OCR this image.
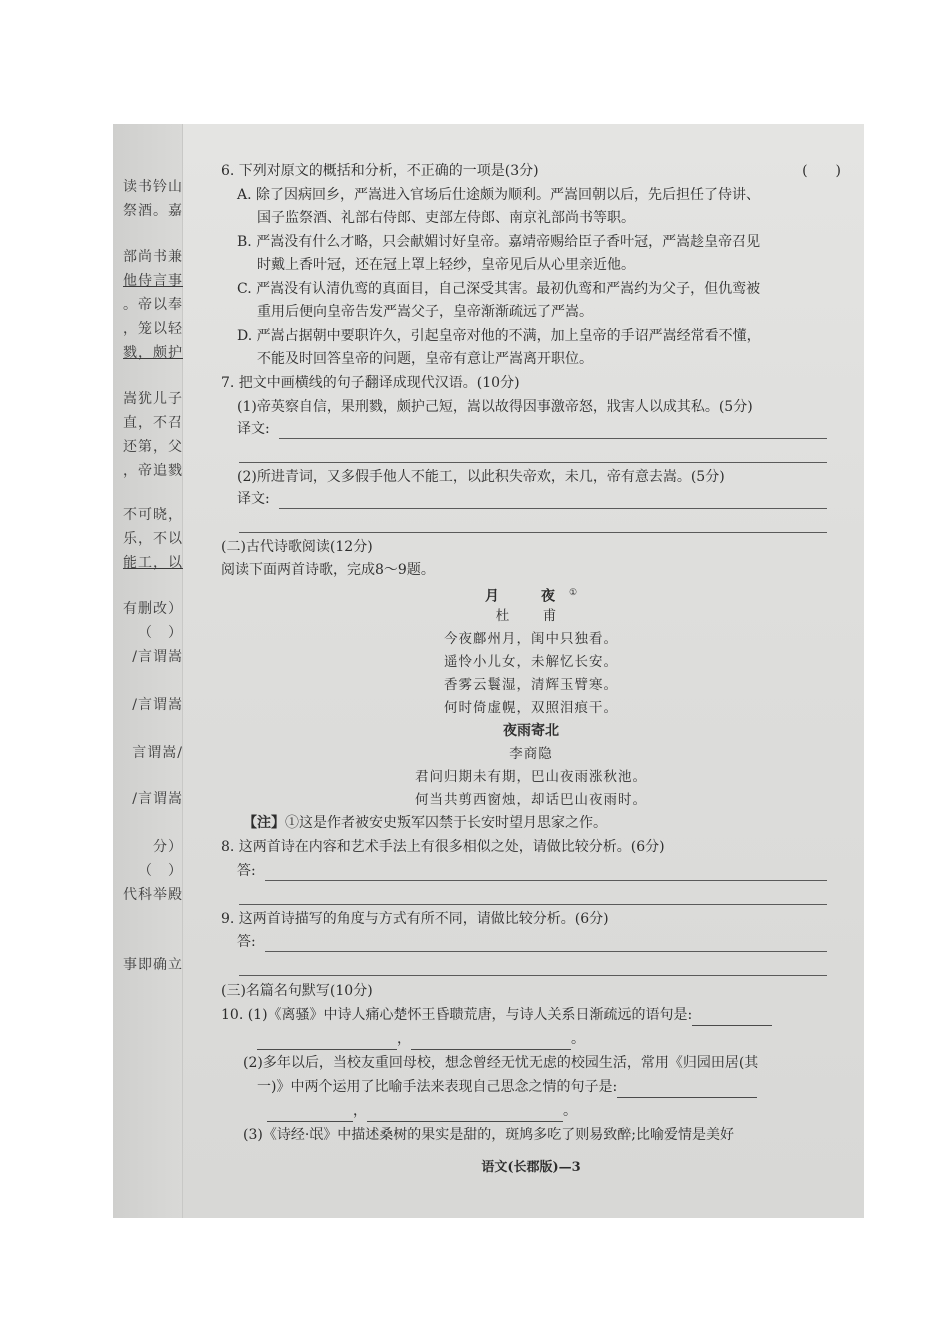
读书钤山
祭酒。嘉
部尚书兼
他侍言事
。帝以奉
，笼以轻
戮，颇护
嵩犹儿子
直，不召
还第，父
，帝追戮
不可晓，
乐，不以
能工，以
有删改）
（　）
/言谓嵩
/言谓嵩
言谓嵩/
/言谓嵩
分）
（　）
代科举殿
事即确立
6. 下列对原文的概括和分析，不正确的一项是(3分)	(　　)
A. 除了因病回乡，严嵩进入官场后仕途颇为顺利。严嵩回朝以后，先后担任了侍讲、
国子监祭酒、礼部右侍郎、吏部左侍郎、南京礼部尚书等职。
B. 严嵩没有什么才略，只会献媚讨好皇帝。嘉靖帝赐给臣子香叶冠，严嵩趁皇帝召见
时戴上香叶冠，还在冠上罩上轻纱，皇帝见后从心里亲近他。
C. 严嵩没有认清仇鸾的真面目，自己深受其害。最初仇鸾和严嵩约为父子，但仇鸾被
重用后便向皇帝告发严嵩父子，皇帝渐渐疏远了严嵩。
D. 严嵩占据朝中要职许久，引起皇帝对他的不满，加上皇帝的手诏严嵩经常看不懂，
不能及时回答皇帝的问题，皇帝有意让严嵩离开职位。
7. 把文中画横线的句子翻译成现代汉语。(10分)
(1)帝英察自信，果刑戮，颇护己短，嵩以故得因事激帝怒，戕害人以成其私。(5分)
译文:
(2)所进青词，又多假手他人不能工，以此积失帝欢，未几，帝有意去嵩。(5分)
译文:
(二)古代诗歌阅读(12分)
阅读下面两首诗歌，完成8～9题。
月　夜①
杜　甫
今夜鄜州月，闺中只独看。
遥怜小儿女，未解忆长安。
香雾云鬟湿，清辉玉臂寒。
何时倚虚幌，双照泪痕干。
夜雨寄北
李商隐
君问归期未有期，巴山夜雨涨秋池。
何当共剪西窗烛，却话巴山夜雨时。
【注】①这是作者被安史叛军囚禁于长安时望月思家之作。
8. 这两首诗在内容和艺术手法上有很多相似之处，请做比较分析。(6分)
答:
9. 这两首诗描写的角度与方式有所不同，请做比较分析。(6分)
答:
(三)名篇名句默写(10分)
10. (1)《离骚》中诗人痛心楚怀王昏聩荒唐，与诗人关系日渐疏远的语句是:
，	。
(2)多年以后，当校友重回母校，想念曾经无忧无虑的校园生活，常用《归园田居(其
一)》中两个运用了比喻手法来表现自己思念之情的句子是:
，	。
(3)《诗经·氓》中描述桑树的果实是甜的，斑鸠多吃了则易致醉;比喻爱情是美好
语文(长郡版)—3
